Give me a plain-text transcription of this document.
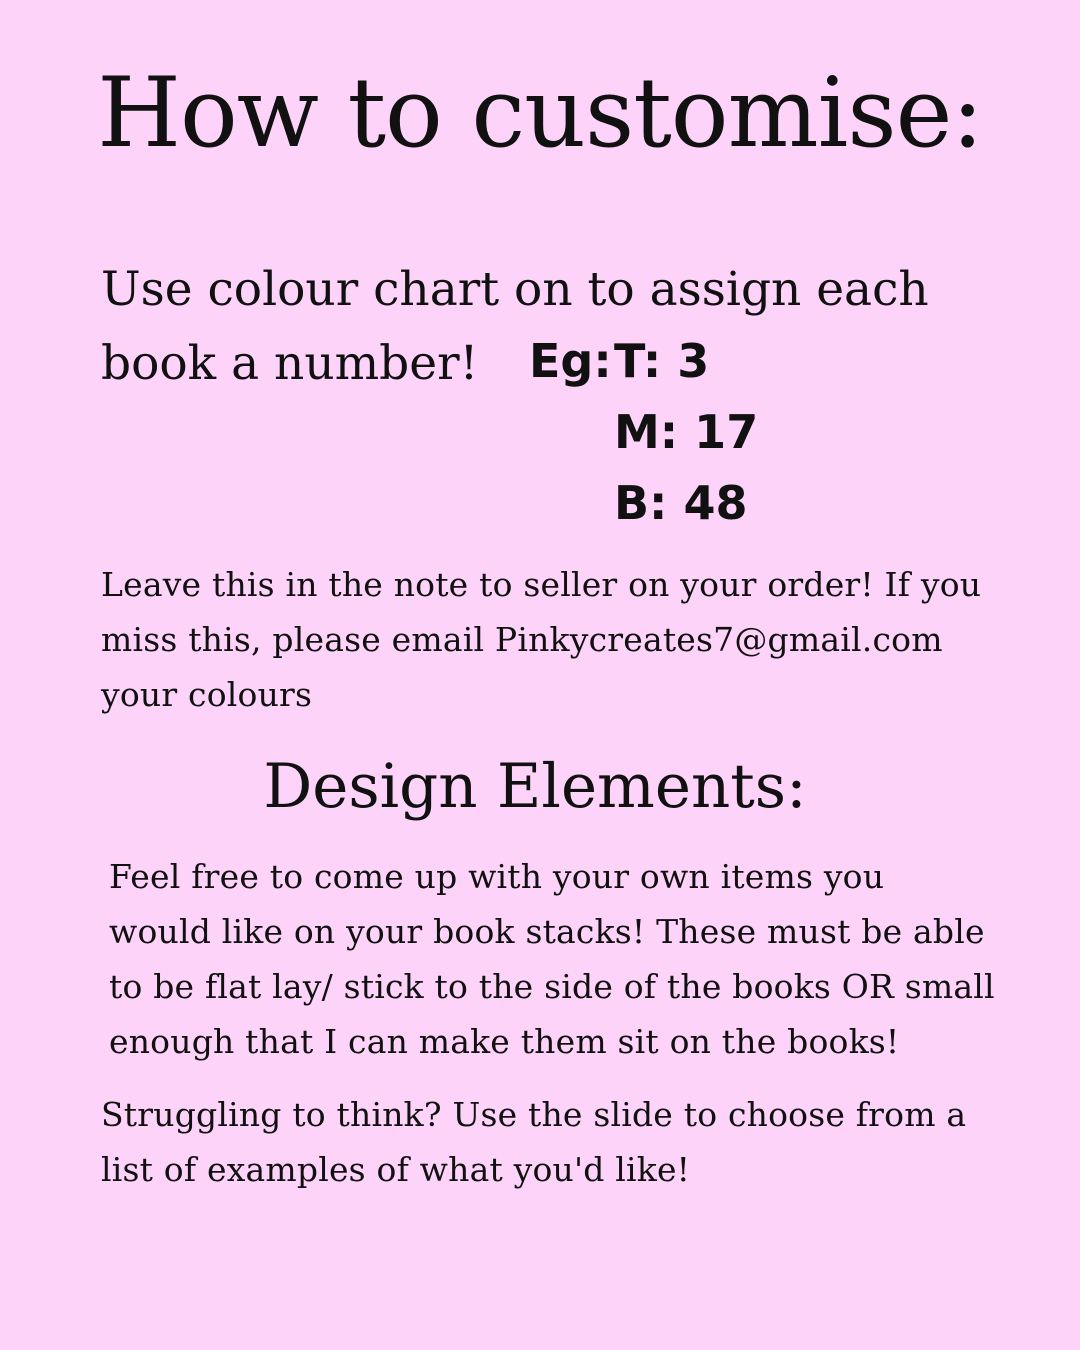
How to customise:

Use colour chart on to assign each

book a number!	Eg: T: 3
M: 17
B: 48

Leave this in the note to seller on your order! If you
miss this, please email Pinkycreates7@gmail.com
your colours

Design Elements:

Feel free to come up with your own items you
would like on your book stacks! These must be able
to be flat lay/ stick to the side of the books OR small
enough that I can make them sit on the books!

Struggling to think? Use the slide to choose from a
list of examples of what you'd like!
